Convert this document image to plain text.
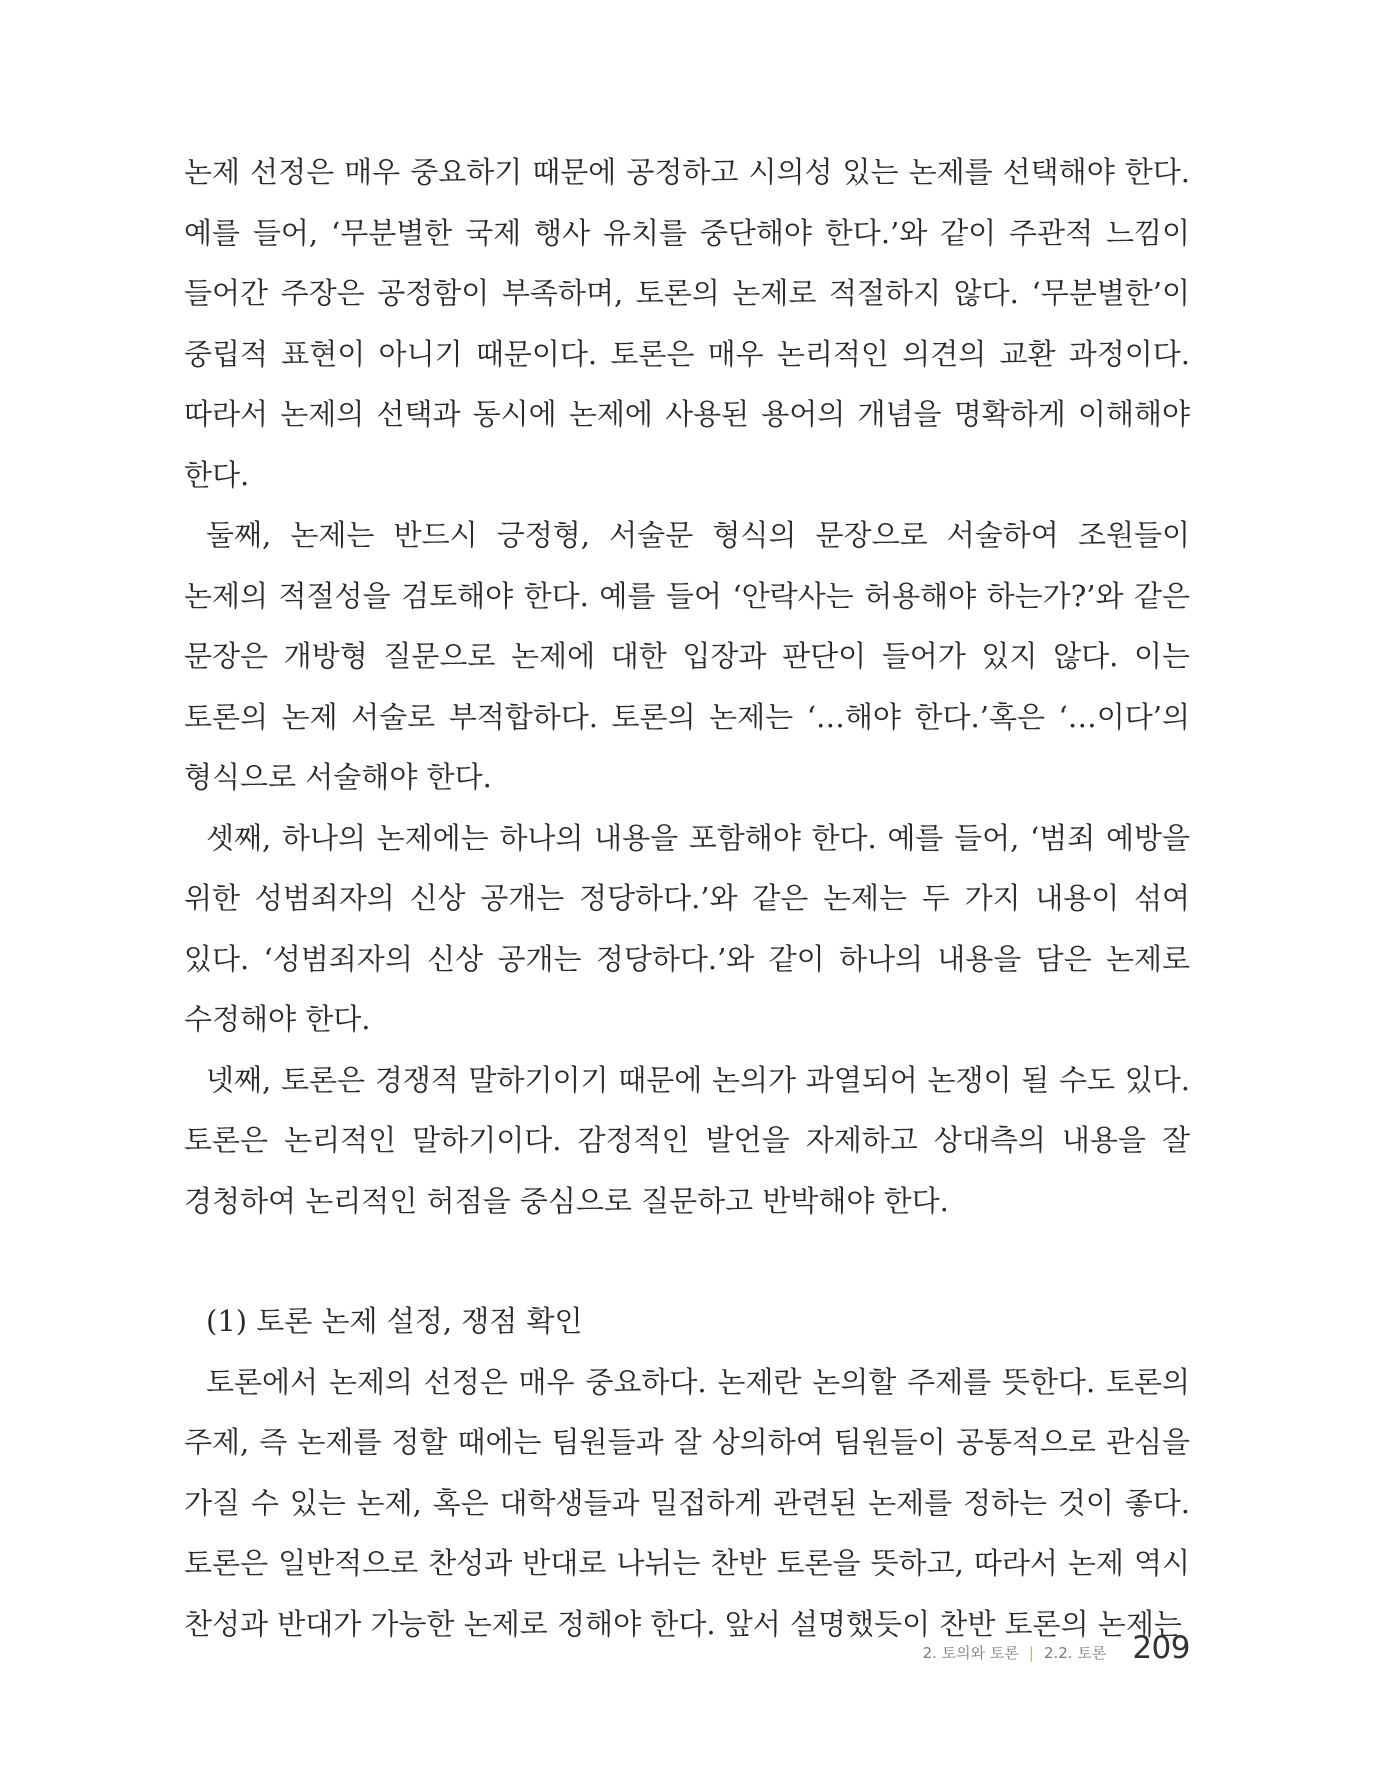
논제 선정은 매우 중요하기 때문에 공정하고 시의성 있는 논제를 선택해야 한다. 예를 들어, ‘무분별한 국제 행사 유치를 중단해야 한다.’와 같이 주관적 느낌이 들어간 주장은 공정함이 부족하며, 토론의 논제로 적절하지 않다. ‘무분별한’이 중립적 표현이 아니기 때문이다. 토론은 매우 논리적인 의견의 교환 과정이다. 따라서 논제의 선택과 동시에 논제에 사용된 용어의 개념을 명확하게 이해해야 한다.

둘째, 논제는 반드시 긍정형, 서술문 형식의 문장으로 서술하여 조원들이 논제의 적절성을 검토해야 한다. 예를 들어 ‘안락사는 허용해야 하는가?’와 같은 문장은 개방형 질문으로 논제에 대한 입장과 판단이 들어가 있지 않다. 이는 토론의 논제 서술로 부적합하다. 토론의 논제는 ‘…해야 한다.’혹은 ‘…이다’의 형식으로 서술해야 한다.

셋째, 하나의 논제에는 하나의 내용을 포함해야 한다. 예를 들어, ‘범죄 예방을 위한 성범죄자의 신상 공개는 정당하다.’와 같은 논제는 두 가지 내용이 섞여 있다. ‘성범죄자의 신상 공개는 정당하다.’와 같이 하나의 내용을 담은 논제로 수정해야 한다.

넷째, 토론은 경쟁적 말하기이기 때문에 논의가 과열되어 논쟁이 될 수도 있다. 토론은 논리적인 말하기이다. 감정적인 발언을 자제하고 상대측의 내용을 잘 경청하여 논리적인 허점을 중심으로 질문하고 반박해야 한다.

(1) 토론 논제 설정, 쟁점 확인

토론에서 논제의 선정은 매우 중요하다. 논제란 논의할 주제를 뜻한다. 토론의 주제, 즉 논제를 정할 때에는 팀원들과 잘 상의하여 팀원들이 공통적으로 관심을 가질 수 있는 논제, 혹은 대학생들과 밀접하게 관련된 논제를 정하는 것이 좋다. 토론은 일반적으로 찬성과 반대로 나뉘는 찬반 토론을 뜻하고, 따라서 논제 역시 찬성과 반대가 가능한 논제로 정해야 한다. 앞서 설명했듯이 찬반 토론의 논제는

2. 토의와 토론 | 2.2. 토론 209
